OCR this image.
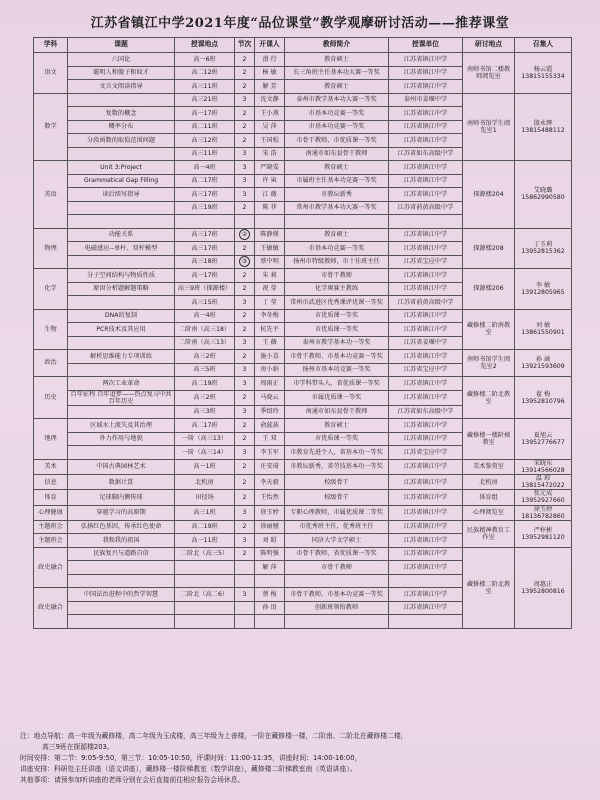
江苏省镇江中学2021年度“品位课堂”教学观摩研讨活动——推荐课堂
学科	课题	授课地点	节次	开课人	教师简介	授课单位	研讨地点	召集人
语文	六国论	高一6班	2	滑 行	教育硕士	江苏省镇江中学	南师书馆二楼教师阅览室	杨云霞 13815155334
	聪明人和傻子和奴才	高二12班	2	杨 敏	长三角班主任基本功大赛一等奖	江苏省镇江中学		
	文言文阅读指导	高三11班	2	解 芳	教育硕士	江苏省镇江中学		
数学		高三21班	3	沈文静	泰州市教学基本功大赛一等奖	泰州市姜堰中学	南师书馆学生阅览室1	殷永辉 13815488112
	复数的概念	高一17班	2	王小燕	市基本功竞赛一等奖	江苏省镇江中学		
	概率分布	高二11班	2	吴 萍	市基本功竞赛一等奖	江苏省镇江中学		
	分段函数的取值范围问题	高三12班	2	王国松	市骨干教师、市优质课一等奖	江苏省镇江中学		
		高三11班	3	宋 浩	南通市如东县骨干教师	江苏省如东高级中学		
英语	Unit 3:Project	高一4班	3	严晓雯	教育硕士	江苏省镇江中学	探源楼204	艾晓璐 15862990580
	Grammatical Gap Filling	高二17班	3	许 寅	市属班主任基本功竞赛一等奖	江苏省镇江中学		
	读后续写指导	高三17班	3	江 薇	市教坛新秀	江苏省镇江中学		
		高三19班	2	陈 菲	常州市教学基本功大赛一等奖	江苏省前黄高级中学		

物理	功能关系	高三17班	②	陈静煐	教育硕士	江苏省镇江中学	探源楼208	丁玉莉 13952815362
	电磁感应--单杆、双杆模型	高三17班	2	王敏敏	市基本功竞赛一等奖	江苏省镇江中学		
		高三18班	③	蔡中明	扬州市特级教师，市十佳班主任	江苏省宝应中学		
化学	分子空间结构与物质性质	高一17班	2	朱 莉	市骨干教师	江苏省镇江中学	探源楼206	李 敏 13912805965
	原因分析题解题策略	高三9班（探源楼）	2	祝 莹	化学奥赛主教练	江苏省镇江中学		
		高三15班	3	丁 莹	常州市武进区优秀课评优课一等奖	江苏省前黄高级中学		
生物	DNA的复制	高一4班	2	李冬梅	市优质课一等奖	江苏省镇江中学	藏修楼二阶南教室	刘 敏 13861550901
	PCR技术及其应用	二阶南（高三18）	2	杭先平	市优质课一等奖	江苏省镇江中学		
		二阶南（高三13）	3	王 薇	泰州市教学基本功一等奖	江苏省姜堰中学		
政治	解析思维能力专项训练	高三2班	2	施小喜	市骨干教师、市基本功竞赛一等奖	江苏省镇江中学	南师书馆学生阅览室2	孙 涵 13921593609
		高三5班	3	房小娟	扬州市基本功竞赛一等奖	江苏省宝应中学		
历史	两次工业革命	高二19班	3	周雨正	市学科带头人，省优质课一等奖	江苏省镇江中学	藏修楼二阶北教室	翟 梅 13952810796
	百年征程 百年追梦——热点复习中共百年历史	高三2班	2	马晓云	市属优质课一等奖	江苏省镇江中学		
		高三3班	3	季绍玲	南通市如东县骨干教师	江苏省如东高级中学		
地理	区域水土流失及其治理	高二17班	2	俞蕊荻	教育硕士	江苏省镇江中学	藏修楼一楼阶梯教室	夏旭云 13952776677
	外力作用与地貌	一阶（高三13）	2	王 双	市优质课一等奖	江苏省镇江中学		
		一阶（高三14）	3	李玉军	市教育先进个人，省基本功一等奖	江苏省宝应中学		
美术	中国古典园林艺术	高一1班	2	庄安琦	市教坛新秀，省劳技基本功一等奖	江苏省镇江中学	美术鉴赏室	宋晓东 13914566028
信息	数据计算	北机房	2	李天毅	校级骨干	江苏省镇江中学	北机房	温 琼 13815472022
体育	足球脚内侧传球	田径场	2	王怡然	校级骨干	江苏省镇江中学	体育组	张元成 13952927660
心理健康	穿越学习的高原期	高三1班	3	徐玉婷	专职心理教师，市属优质课二等奖	江苏省镇江中学	心理阅览室	徐玉婷 18136782860
主题班会	弘扬红色基因，传承红色使命	高二19班	2	徐丽娅	市优秀班主任，优秀班主任	江苏省镇江中学	民族精神教育工作室	严梓彬 13952981120
主题班会	我和我的祖国	高一11班	3	刘 昭	同济大学文学硕士	江苏省镇江中学		
政史融合	民族复兴与道路自信	二阶北（高三5）	2	陈明强	市骨干教师、省优质课一等奖	江苏省镇江中学	藏修楼二阶北教室	周惠正 13952800816
				解 萍	市骨干教师	江苏省镇江中学		

政史融合	中国法治进程中的哲学智慧	二阶北（高二6）	3	蔡 梅	市骨干教师、市基本功竞赛一等奖	江苏省镇江中学		
				孙 语	创新班领衔教师	江苏省镇江中学		

注：地点导航：高一年级为藏修楼，高二年级为玉成楼，高三年级为上善楼，一阶在藏修楼一楼，二阶南、二阶北在藏修楼二楼，
高三9班在探源楼203。
时间安排：第二节：9:05-9:50，第三节：10:05-10:50，评课时间：11:00-11:35，讲座时间：14:00-16:00，
讲座安排：科研处主任讲座（语文讲座），藏修楼一楼阶梯教室（数学讲座），藏修楼二阶梯教室南（英语讲座）。
其他事项：请预参加听讲座的老师分别在会后直接前往相应报告会场休息。
